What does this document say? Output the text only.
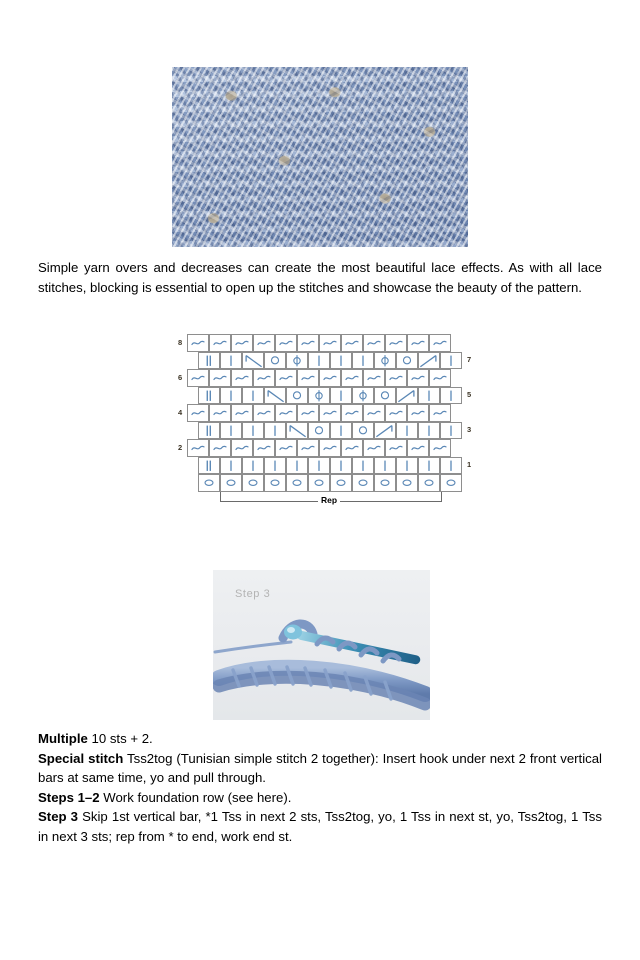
Simple yarn overs and decreases can create the most beautiful lace effects. As with all lace stitches, blocking is essential to open up the stitches and showcase the beauty of the pattern.
8
7
6
5
4
3
2
1
Rep
Step 3

Multiple 10 sts + 2.

Special stitch Tss2tog (Tunisian simple stitch 2 together): Insert hook under next 2 front vertical bars at same time, yo and pull through.

Steps 1–2 Work foundation row (see here).

Step 3 Skip 1st vertical bar, *1 Tss in next 2 sts, Tss2tog, yo, 1 Tss in next st, yo, Tss2tog, 1 Tss in next 3 sts; rep from * to end, work end st.
